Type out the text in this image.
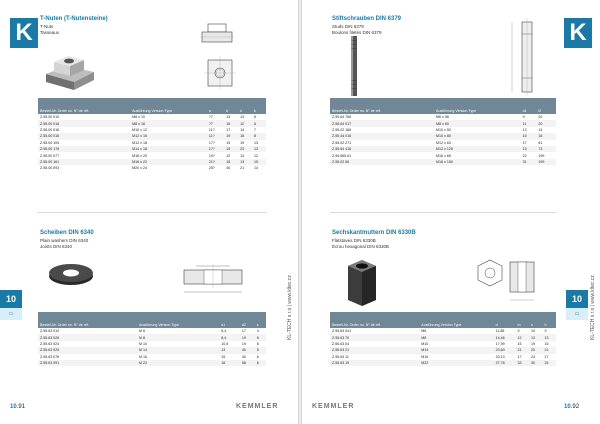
K	T-Nuten (T-Nutensteine)
T-Nuts
Tasseaux
Bestell-Nr. Order no. N° de réf.	Ausführung Version Type	a	b	h	k
Z.55.00 010	M8 x 10	?7	13	13	6
Z.55.00 016	M8 x 16	?7	15	12	6
Z.55.00 016	M10 x 12	11?	17	14	7
Z.55.00 016	M12 x 16	11?	19	18	8
Z.55.00 105	M12 x 18	17?	19	19	13
Z.55.00 176	M14 x 18	17?	19	23	13
Z.55.00 077	M16 x 20	19?	12	14	12
Z.55.00 161	M16 x 22	21?	15	13	15
Z.55.00 093	M20 x 24	25?	40	21	14
Scheiben DIN 6340
Plain washers DIN 6340
Joints DIN 6340
Bestell-Nr. Order no. N° de réf.	Ausführung Version Type	d1	d2	s
Z.55.63 010	M 6	6,4	17	4
Z.55.63 026	M 8	8,4	19	6
Z.55.63 024	M 10	10,5	19	6
Z.55.63 029	M 14	13	40	5
Z.55.63 078	M 16	15	40	6
Z.55.63 091	M 22	16	56	6
10
▭	KL-TECH s.r.o | www.kltec.cz
10.91	KEMMLER
K
Stiftschrauben DIN 6379
Studs DIN 6379
Boulons filetés DIN 6379
Bestell-Nr. Order no. N° de réf.	Ausführung Version Type	d1	l2
Z.55.64 766	M6 x 56	9	20
Z.55.64 017	M8 x 60	11	20
Z.55.02 166	M10 x 50	13	14
Z.55.44 016	M10 x 80	15	16
Z.55.02 271	M12 x 63	17	61
Z.55.84 416	M12 x 125	13	73
Z.55.665 61	M16 x 65	22	199
Z.55.02 56	M16 x 150	31	199
Sechskantmuttern DIN 6330B
Flatstaves DIN 6330B
Écrou hexagonal DIN 6330B
Bestell-Nr. Order no. N° de réf.	Ausführung Version Type	d	m	s	h
Z.55.63 041	M6	11,88	9	10	9
Z.55.63 70	M8	14,46	12	13	13
Z.55.63 04	M10	17,99	15	19	15
Z.55.63 21	M14	23,60	21	20	21
Z.55.63 11	M16	33,13	17	24	17
Z.55.63 19	M22	37,78	33	30	24
10
▭	KL-TECH s.r.o | www.kltec.cz
KEMMLER	10.92
